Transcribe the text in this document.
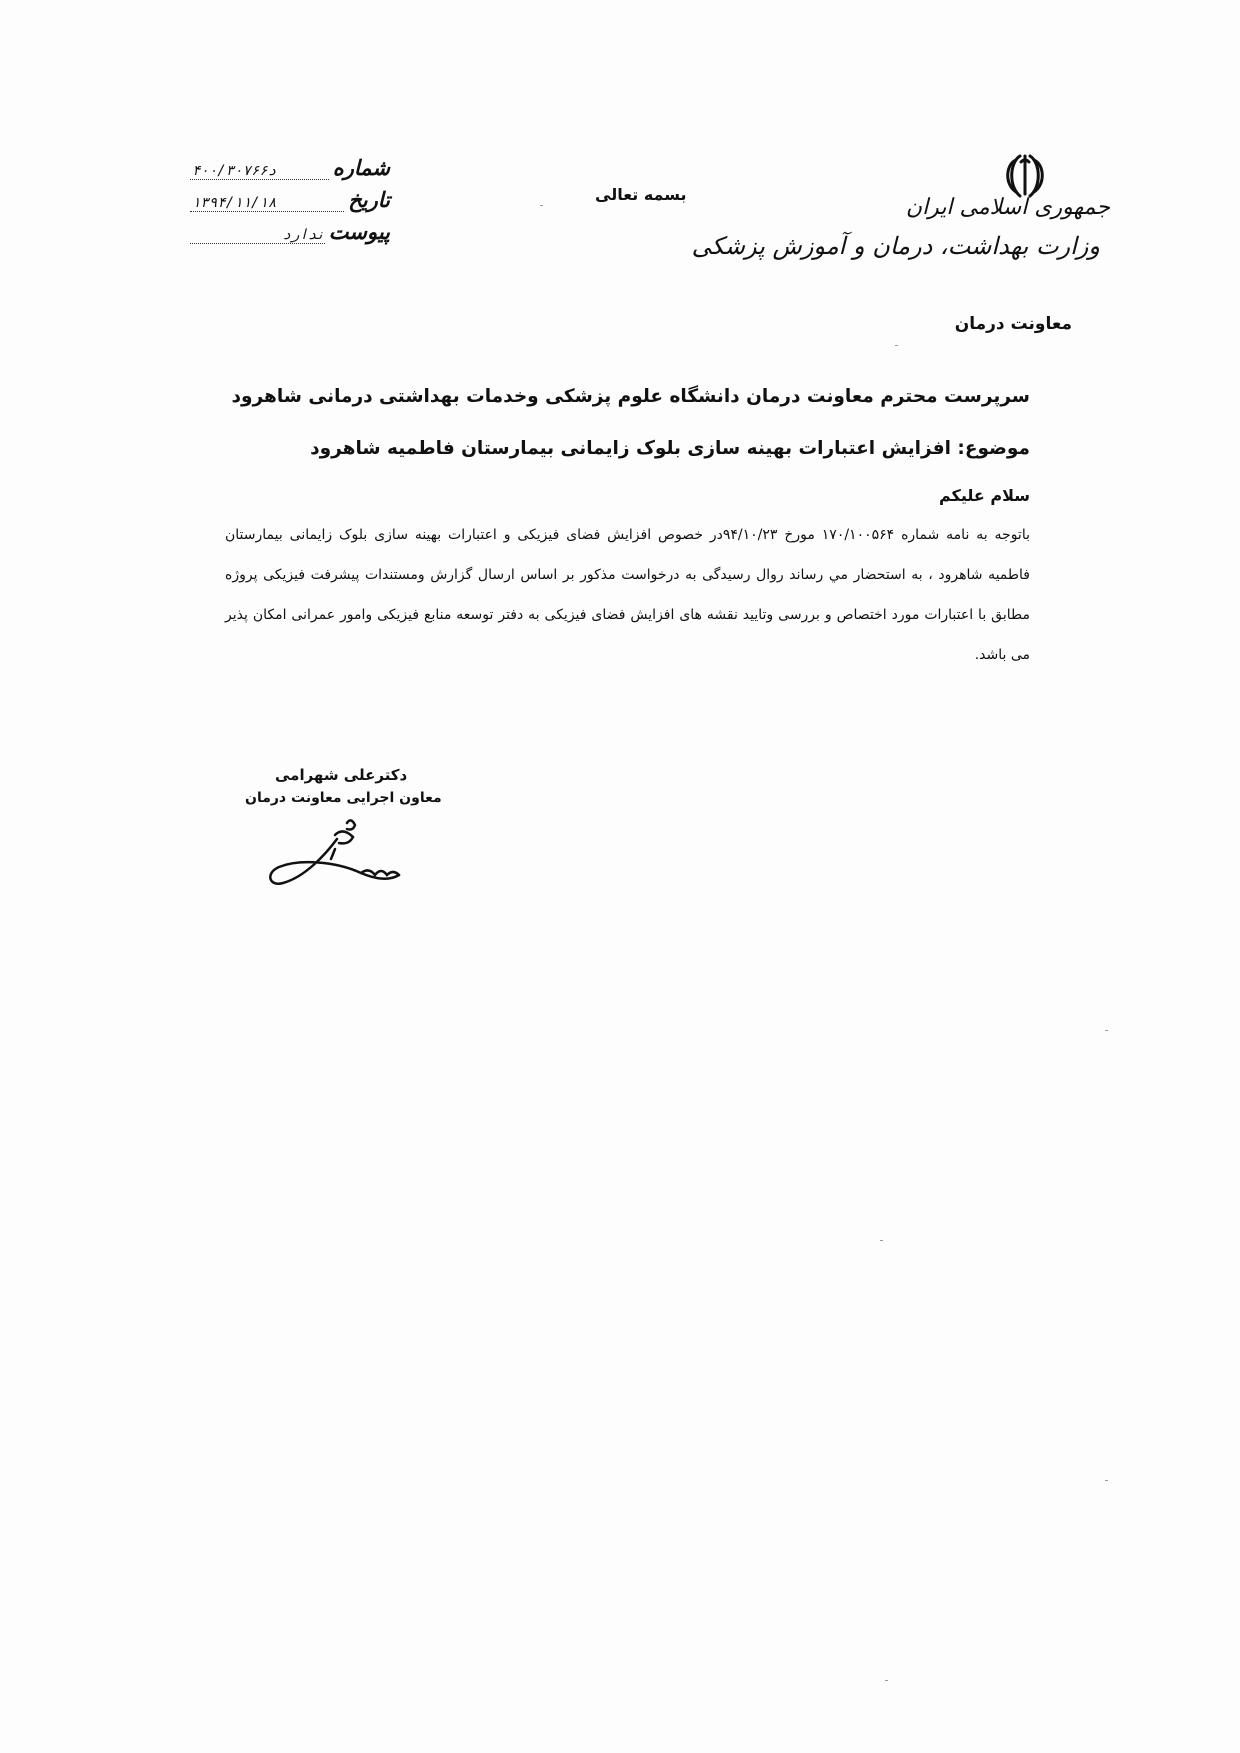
جمهوری اسلامی ایران
وزارت بهداشت، درمان و آموزش پزشکی
معاونت درمان
بسمه تعالی
شماره
د۴۰۰/۳۰۷۶۶
تاریخ
۱۳۹۴/۱۱/۱۸
پیوست
ندارد
سرپرست محترم معاونت درمان دانشگاه علوم پزشکی وخدمات بهداشتی درمانی شاهرود
موضوع: افزایش اعتبارات بهینه سازی بلوک زایمانی بیمارستان فاطمیه شاهرود
سلام علیکم
باتوجه به نامه شماره ۱۷۰/۱۰۰۵۶۴ مورخ ۹۴/۱۰/۲۳در خصوص افزایش فضای فیزیکی و اعتبارات بهینه سازی بلوک زایمانی بیمارستان فاطمیه شاهرود ، به استحضار مي رساند روال رسیدگی به درخواست مذکور بر اساس ارسال گزارش ومستندات پیشرفت فیزیکی پروژه مطابق با اعتبارات مورد اختصاص و بررسی وتایید نقشه های افزایش فضای فیزیکی به دفتر توسعه منابع فیزیکی وامور عمرانی امکان پذیر می باشد.
دکترعلی شهرامی
معاون اجرایی معاونت درمان
